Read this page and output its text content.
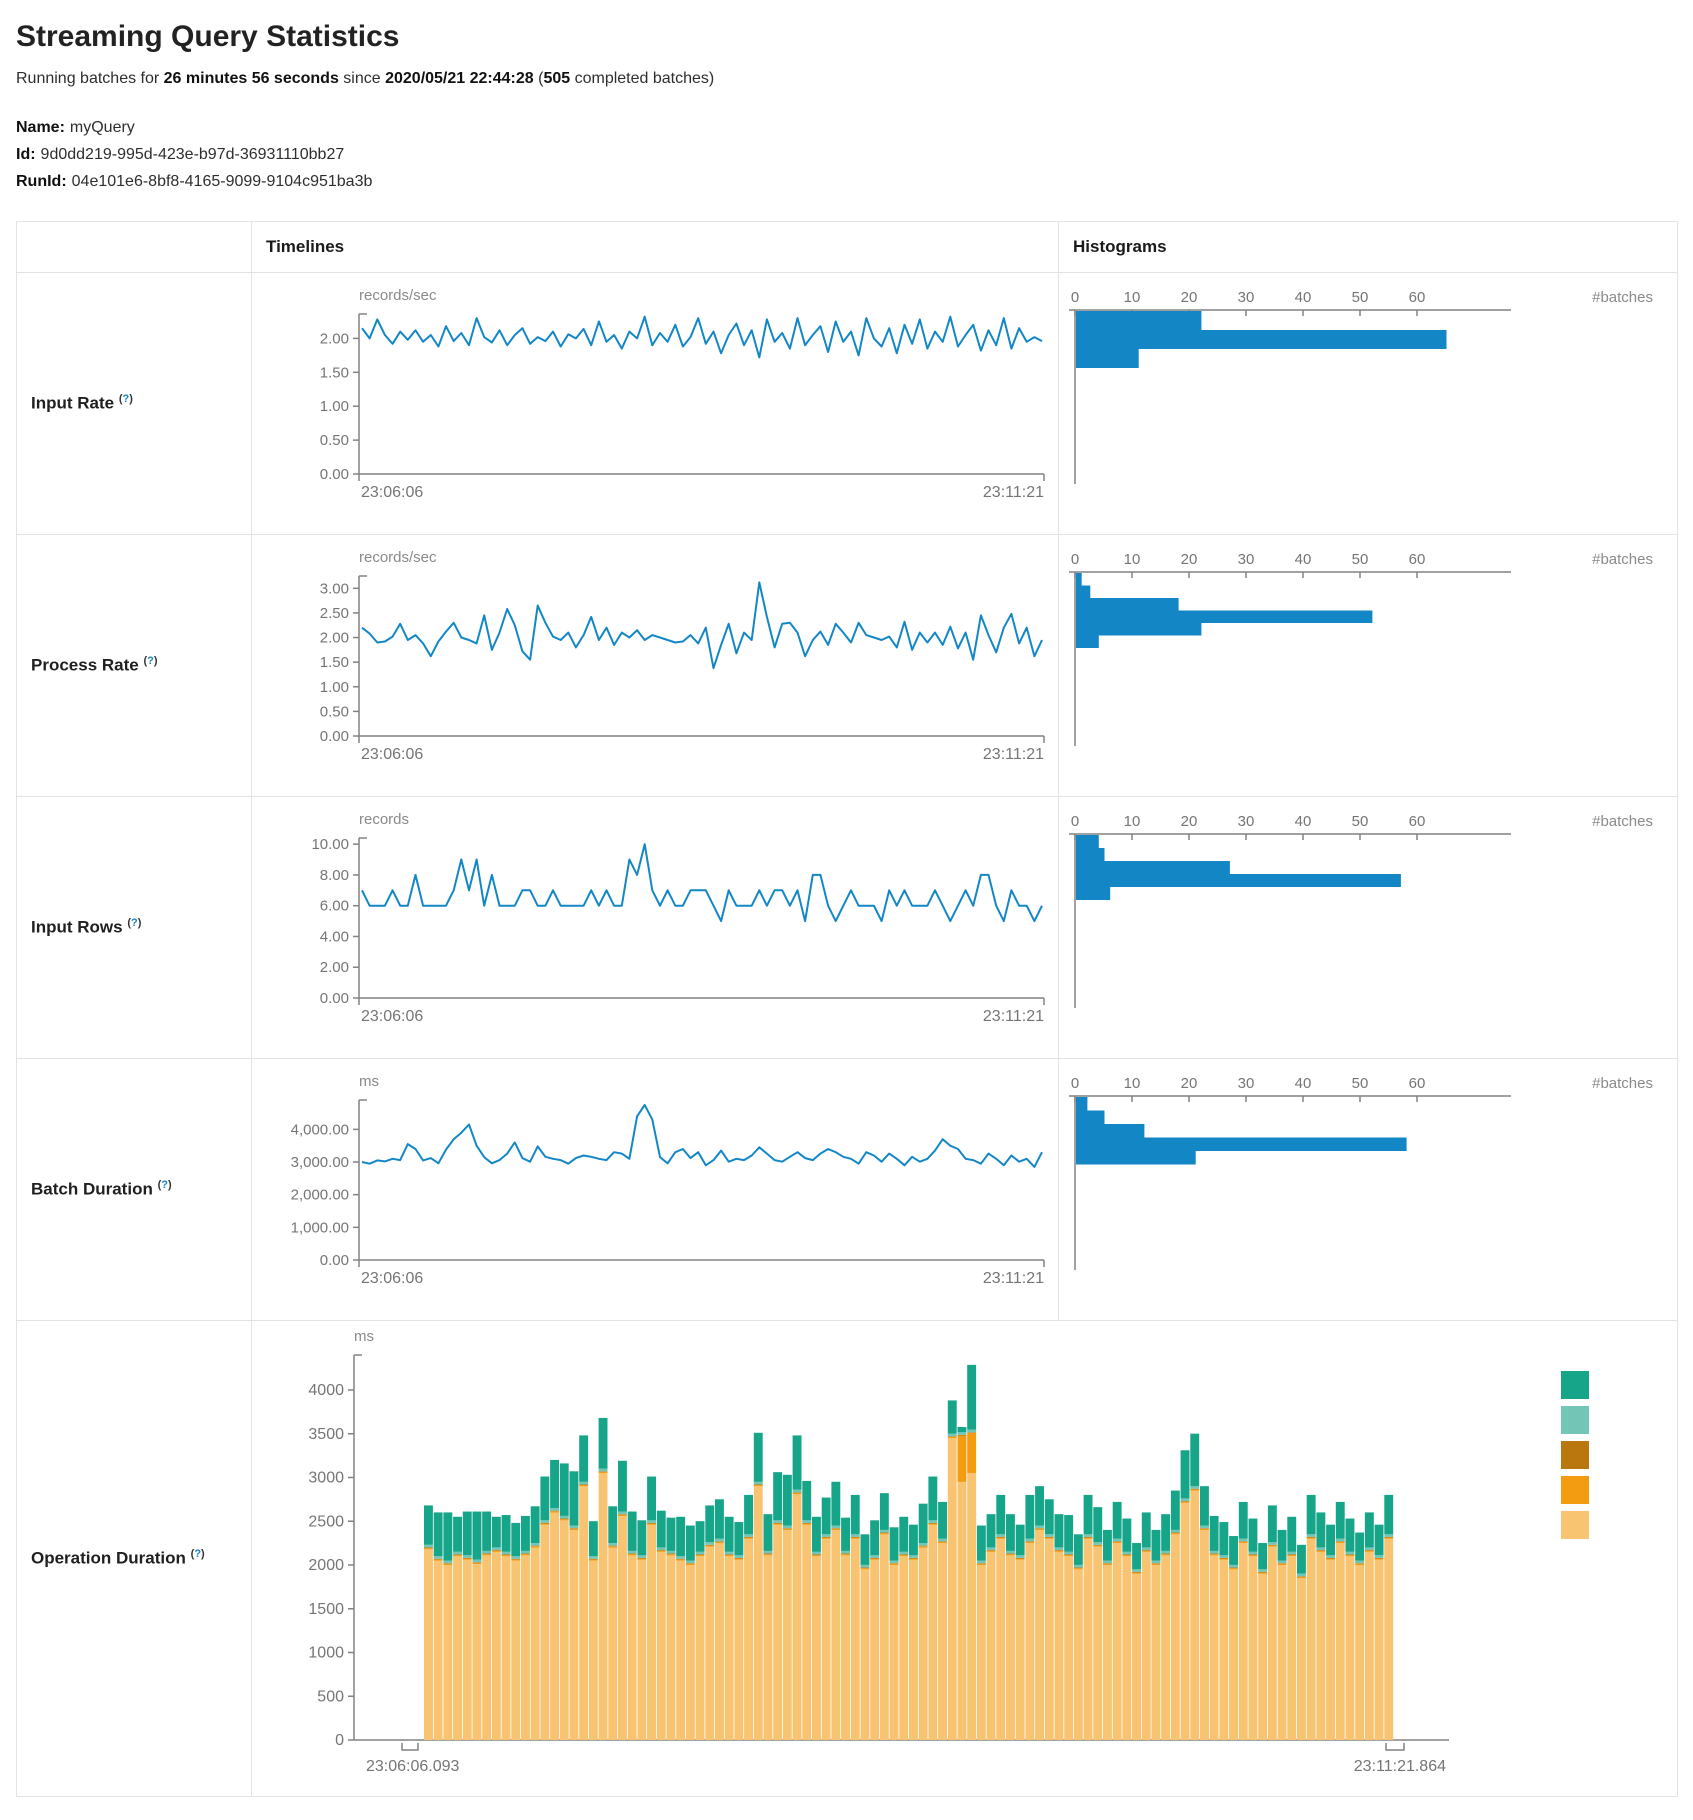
Streaming Query Statistics

Running batches for 26 minutes 56 seconds since 2020/05/21 22:44:28 (505 completed batches)

Name: myQuery
Id: 9d0dd219-995d-423e-b97d-36931110bb27
RunId: 04e101e6-8bf8-4165-9099-9104c951ba3b
	Timelines	Histograms
Input Rate (?)	
records/sec
2.00
1.50
1.00
0.50
0.00
23:06:06	23:11:21

0	10	20	30	40	50	60	#batches

Process Rate (?)	
records/sec
3.00
2.50
2.00
1.50
1.00
0.50
0.00
23:06:06	23:11:21

0	10	20	30	40	50	60	#batches

Input Rows (?)	
records
10.00
8.00
6.00
4.00
2.00
0.00
23:06:06	23:11:21

0	10	20	30	40	50	60	#batches

Batch Duration (?)	
ms
4,000.00
3,000.00
2,000.00
1,000.00
0.00
23:06:06	23:11:21

0	10	20	30	40	50	60	#batches

Operation Duration (?)	
ms
4000
3500
3000
2500
2000
1500
1000
500
0
23:06:06.093	23:11:21.864
